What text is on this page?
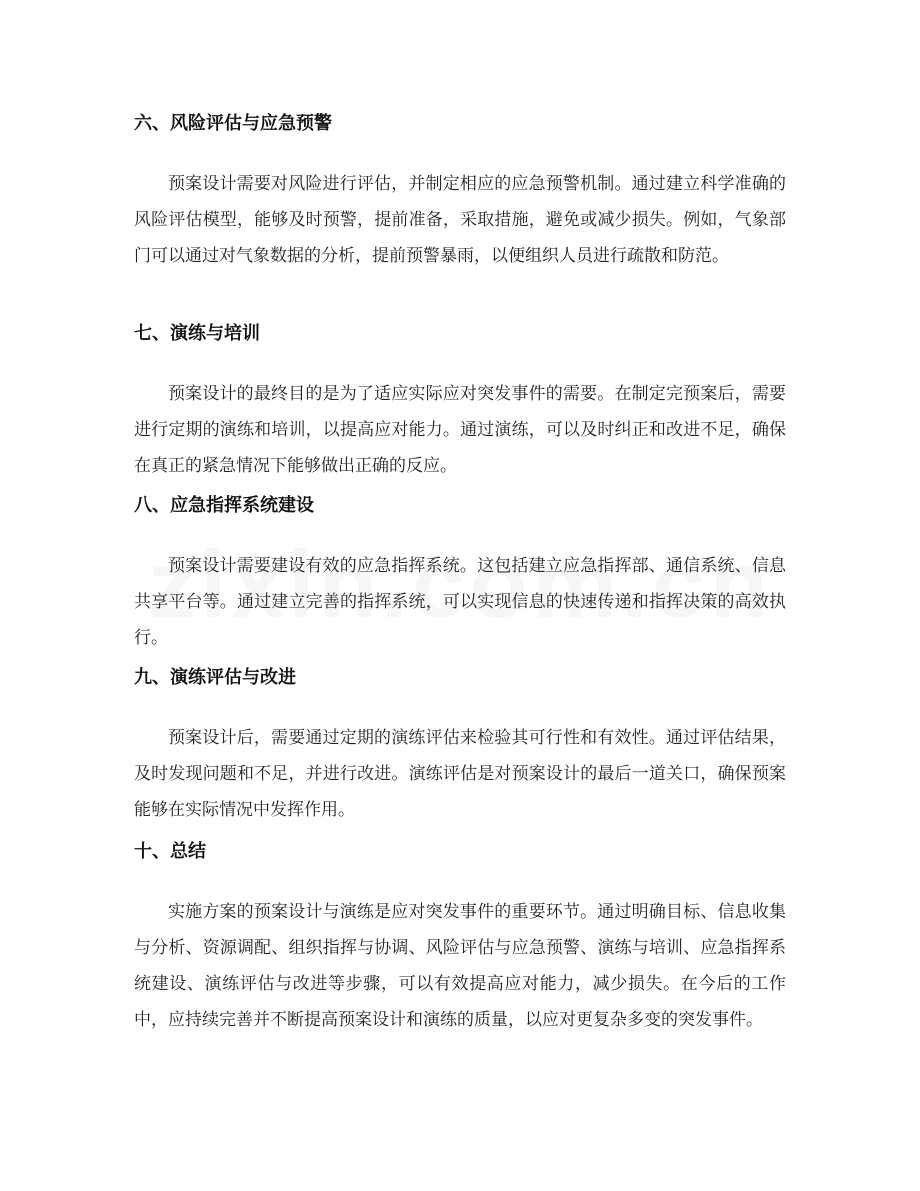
六、风险评估与应急预警

预案设计需要对风险进行评估，并制定相应的应急预警机制。通过建立科学准确的风险评估模型，能够及时预警，提前准备，采取措施，避免或减少损失。例如，气象部门可以通过对气象数据的分析，提前预警暴雨，以便组织人员进行疏散和防范。

七、演练与培训

预案设计的最终目的是为了适应实际应对突发事件的需要。在制定完预案后，需要进行定期的演练和培训，以提高应对能力。通过演练，可以及时纠正和改进不足，确保在真正的紧急情况下能够做出正确的反应。

八、应急指挥系统建设

预案设计需要建设有效的应急指挥系统。这包括建立应急指挥部、通信系统、信息共享平台等。通过建立完善的指挥系统，可以实现信息的快速传递和指挥决策的高效执行。

九、演练评估与改进

预案设计后，需要通过定期的演练评估来检验其可行性和有效性。通过评估结果，及时发现问题和不足，并进行改进。演练评估是对预案设计的最后一道关口，确保预案能够在实际情况中发挥作用。

十、总结

实施方案的预案设计与演练是应对突发事件的重要环节。通过明确目标、信息收集与分析、资源调配、组织指挥与协调、风险评估与应急预警、演练与培训、应急指挥系统建设、演练评估与改进等步骤，可以有效提高应对能力，减少损失。在今后的工作中，应持续完善并不断提高预案设计和演练的质量，以应对更复杂多变的突发事件。
